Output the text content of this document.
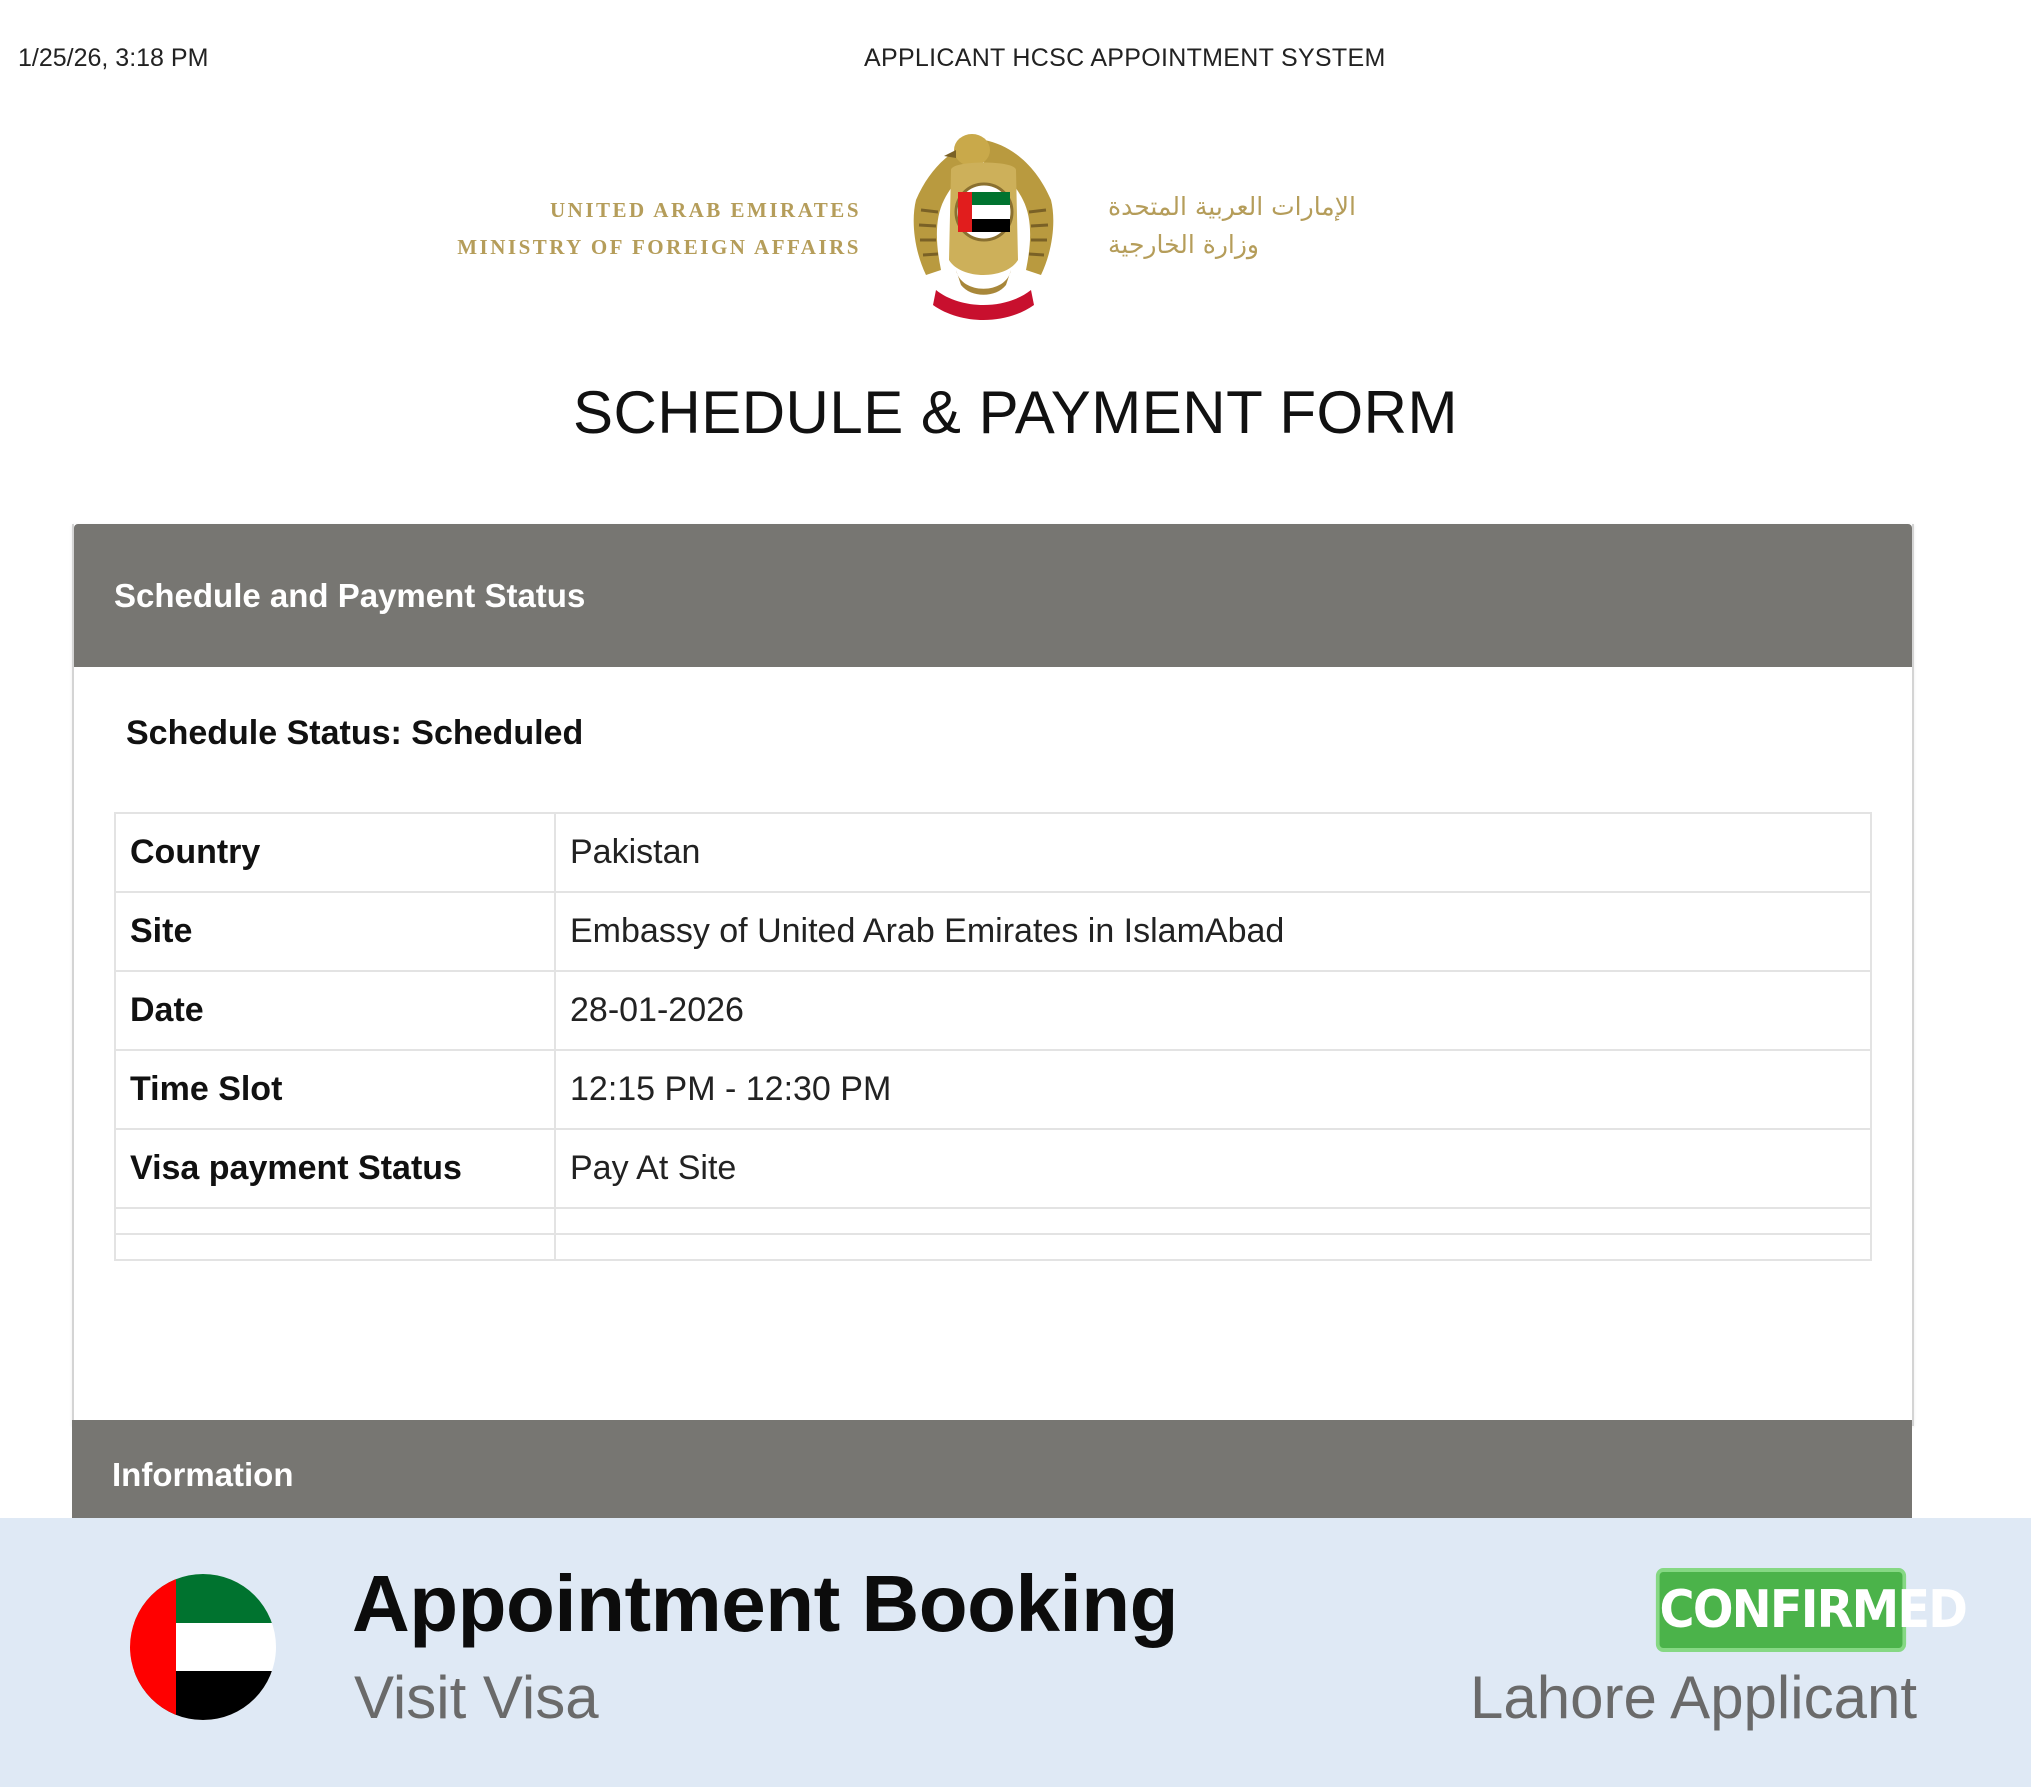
1/25/26, 3:18 PM	APPLICANT HCSC APPOINTMENT SYSTEM
UNITED ARAB EMIRATES
MINISTRY OF FOREIGN AFFAIRS
الإمارات العربية المتحدة
وزارة الخارجية
SCHEDULE & PAYMENT FORM
Schedule and Payment Status
Schedule Status: Scheduled
Country	Pakistan
Site	Embassy of United Arab Emirates in IslamAbad
Date	28-01-2026
Time Slot	12:15 PM - 12:30 PM
Visa payment Status	Pay At Site

Information
Appointment Booking
Visit Visa
CONFIRMED
Lahore Applicant
